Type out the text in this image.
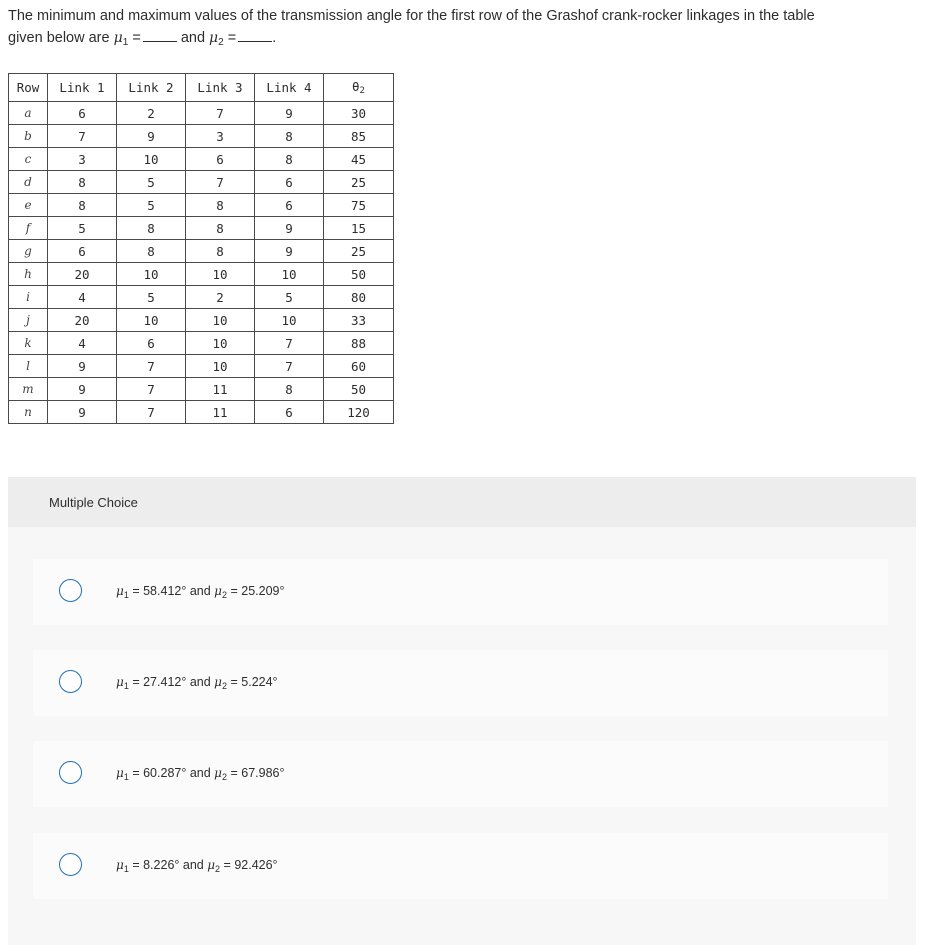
The minimum and maximum values of the transmission angle for the first row of the Grashof crank-rocker linkages in the table
given below are $\mu_1$ =	and $\mu_2$ = .
Row	Link 1	Link 2	Link 3	Link 4	θ2
a	6	2	7	9	30
b	7	9	3	8	85
c	3	10	6	8	45
d	8	5	7	6	25
e	8	5	8	6	75
f	5	8	8	9	15
g	6	8	8	9	25
h	20	10	10	10	50
i	4	5	2	5	80
j	20	10	10	10	33
k	4	6	10	7	88
l	9	7	10	7	60
m	9	7	11	8	50
n	9	7	11	6	120
Multiple Choice
$\mu_1 = 58.412^\circ$ and $\mu_2 = 25.209^\circ$
$\mu_1 = 27.412^\circ$ and $\mu_2 = 5.224^\circ$
$\mu_1 = 60.287^\circ$ and $\mu_2 = 67.986^\circ$
$\mu_1 = 8.226^\circ$ and $\mu_2 = 92.426^\circ$
